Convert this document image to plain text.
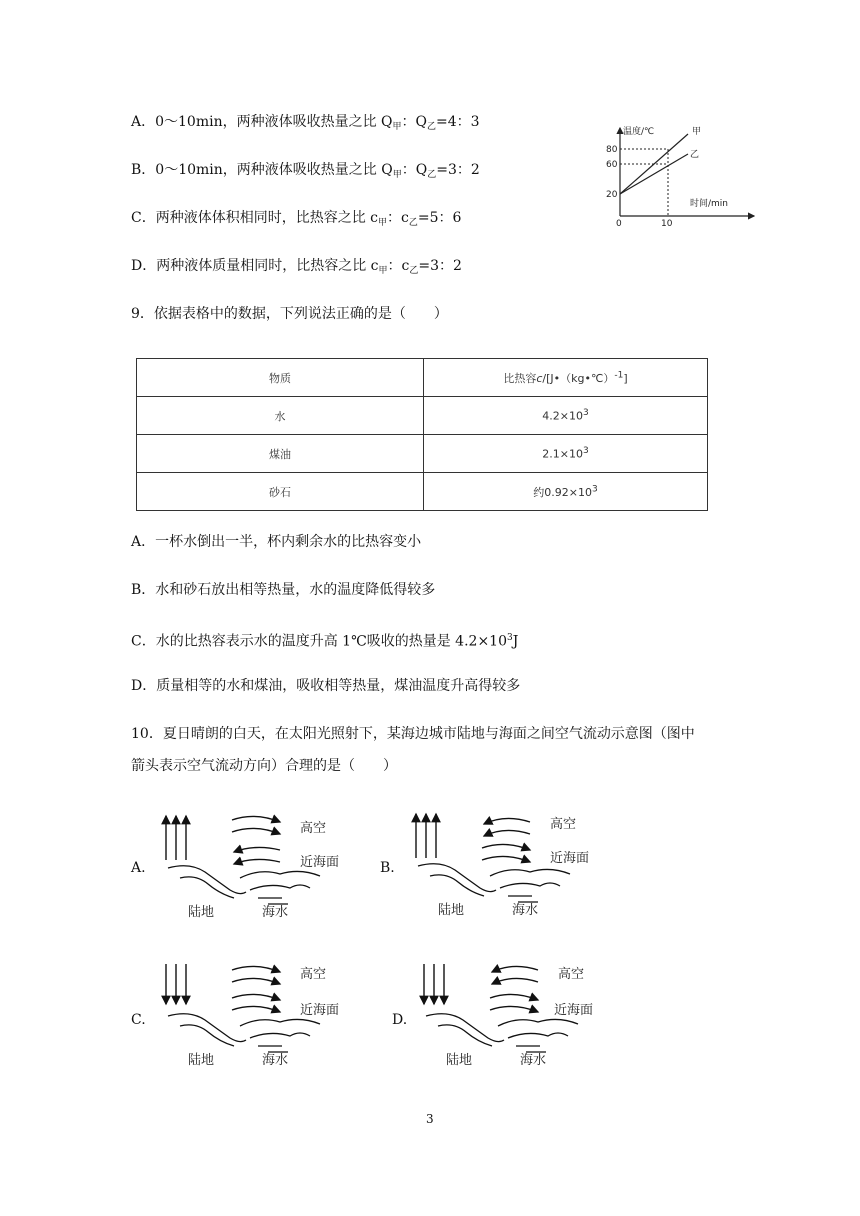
A．0～10min，两种液体吸收热量之比 $Q_甲$：$Q_乙=4$：3
B．0～10min，两种液体吸收热量之比 $Q_甲$：$Q_乙=3$：2
C．两种液体体积相同时，比热容之比 $c_甲$：$c_乙=5$：6
D．两种液体质量相同时，比热容之比 $c_甲$：$c_乙=3$：2
温度/℃
时间/min
0	10
20
60
80
甲
乙
9．依据表格中的数据，下列说法正确的是（　　）
物质	比热容c/[J•（kg•℃）$^{-1}$]
水	$4.2\times 10^3$
煤油	$2.1\times 10^3$
砂石	约$0.92\times 10^3$
A．一杯水倒出一半，杯内剩余水的比热容变小
B．水和砂石放出相等热量，水的温度降低得较多
C．水的比热容表示水的温度升高 1℃吸收的热量是 $4.2\times 10^3J$
D．质量相等的水和煤油，吸收相等热量，煤油温度升高得较多
10．夏日晴朗的白天，在太阳光照射下，某海边城市陆地与海面之间空气流动示意图（图中
箭头表示空气流动方向）合理的是（　　）
A.	B.
C.	D.
高空
近海面
陆地	海水
高空
近海面
陆地	海水
高空
近海面
陆地	海水
高空
近海面
陆地	海水
3
